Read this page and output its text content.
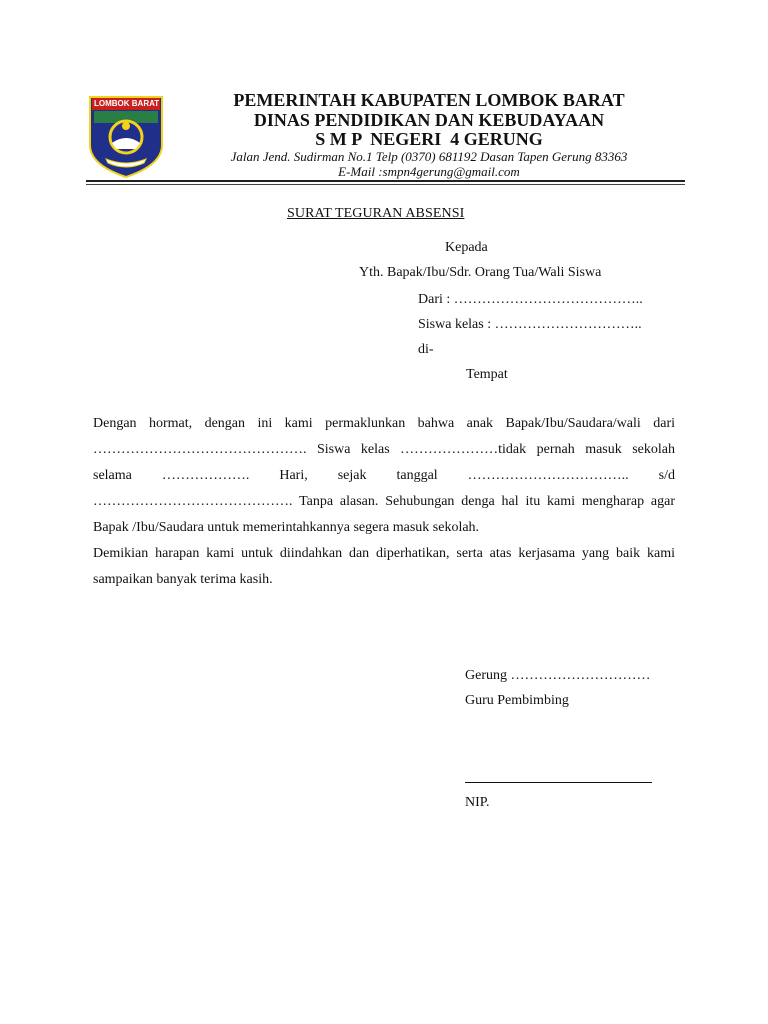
LOMBOK BARAT	PEMERINTAH KABUPATEN LOMBOK BARAT
DINAS PENDIDIKAN DAN KEBUDAYAAN
S M P  NEGERI  4 GERUNG
Jalan Jend. Sudirman No.1 Telp (0370) 681192 Dasan Tapen Gerung 83363
E-Mail :smpn4gerung@gmail.com
SURAT TEGURAN ABSENSI
Kepada
Yth. Bapak/Ibu/Sdr. Orang Tua/Wali Siswa
Dari : …………………………………..
Siswa kelas : …………………………..
di-
Tempat

Dengan hormat, dengan ini kami permaklunkan bahwa anak Bapak/Ibu/Saudara/wali dari ………………………………………. Siswa kelas …………………tidak pernah masuk sekolah selama ………………. Hari, sejak tanggal …………………………….. s/d ……………………………………. Tanpa alasan. Sehubungan denga hal itu kami mengharap agar Bapak /Ibu/Saudara untuk memerintahkannya segera masuk sekolah.

Demikian harapan kami untuk diindahkan dan diperhatikan, serta atas kerjasama yang baik kami sampaikan banyak terima kasih.

Gerung …………………………
Guru Pembimbing
NIP.
